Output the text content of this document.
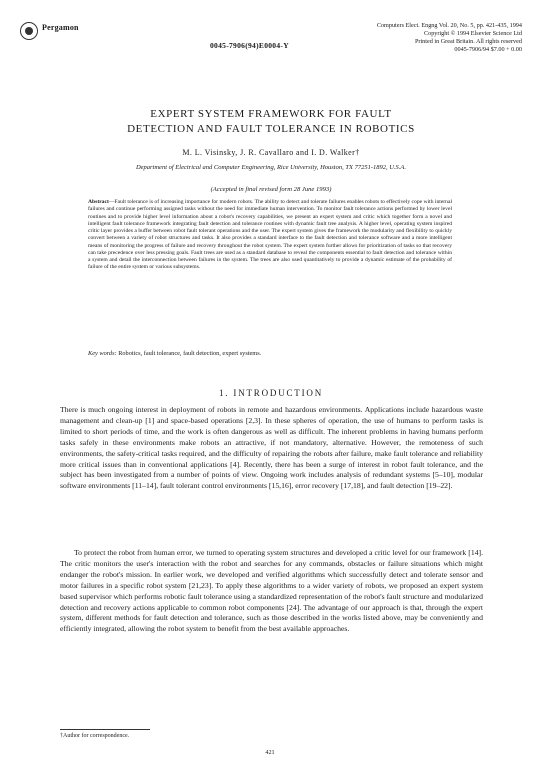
Pergamon
0045-7906(94)E0004-Y
Computers Elect. Engng Vol. 20, No. 5, pp. 421-435, 1994
Copyright © 1994 Elsevier Science Ltd
Printed in Great Britain. All rights reserved
0045-7906/94 $7.00 + 0.00
EXPERT SYSTEM FRAMEWORK FOR FAULT
DETECTION AND FAULT TOLERANCE IN ROBOTICS
M. L. Visinsky, J. R. Cavallaro and I. D. Walker†
Department of Electrical and Computer Engineering, Rice University, Houston, TX 77251-1892, U.S.A.
(Accepted in final revised form 28 June 1993)
Abstract—Fault tolerance is of increasing importance for modern robots. The ability to detect and tolerate failures enables robots to effectively cope with internal failures and continue performing assigned tasks without the need for immediate human intervention. To monitor fault tolerance actions performed by lower level routines and to provide higher level information about a robot's recovery capabilities, we present an expert system and critic which together form a novel and intelligent fault tolerance framework integrating fault detection and tolerance routines with dynamic fault tree analysis. A higher level, operating system inspired critic layer provides a buffer between robot fault tolerant operations and the user. The expert system gives the framework the modularity and flexibility to quickly convert between a variety of robot structures and tasks. It also provides a standard interface to the fault detection and tolerance software and a more intelligent means of monitoring the progress of failure and recovery throughout the robot system. The expert system further allows for prioritization of tasks so that recovery can take precedence over less pressing goals. Fault trees are used as a standard database to reveal the components essential to fault detection and tolerance within a system and detail the interconnection between failures in the system. The trees are also used quantitatively to provide a dynamic estimate of the probability of failure of the entire system or various subsystems.
Key words: Robotics, fault tolerance, fault detection, expert systems.
1. INTRODUCTION
There is much ongoing interest in deployment of robots in remote and hazardous environments. Applications include hazardous waste management and clean-up [1] and space-based operations [2,3]. In these spheres of operation, the use of humans to perform tasks is limited to short periods of time, and the work is often dangerous as well as difficult. The inherent problems in having humans perform tasks safely in these environments make robots an attractive, if not mandatory, alternative. However, the remoteness of such environments, the safety-critical tasks required, and the difficulty of repairing the robots after failure, make fault tolerance and reliability more critical issues than in conventional applications [4]. Recently, there has been a surge of interest in robot fault tolerance, and the subject has been investigated from a number of points of view. Ongoing work includes analysis of redundant systems [5–10], modular software environments [11–14], fault tolerant control environments [15,16], error recovery [17,18], and fault detection [19–22].
To protect the robot from human error, we turned to operating system structures and developed a critic level for our framework [14]. The critic monitors the user's interaction with the robot and searches for any commands, obstacles or failure situations which might endanger the robot's mission. In earlier work, we developed and verified algorithms which successfully detect and tolerate sensor and motor failures in a specific robot system [21,23]. To apply these algorithms to a wider variety of robots, we proposed an expert system based supervisor which performs robotic fault tolerance using a standardized representation of the robot's fault structure and modularized detection and recovery actions applicable to common robot components [24]. The advantage of our approach is that, through the expert system, different methods for fault detection and tolerance, such as those described in the works listed above, may be conveniently and efficiently integrated, allowing the robot system to benefit from the best available approaches.
†Author for correspondence.
421
